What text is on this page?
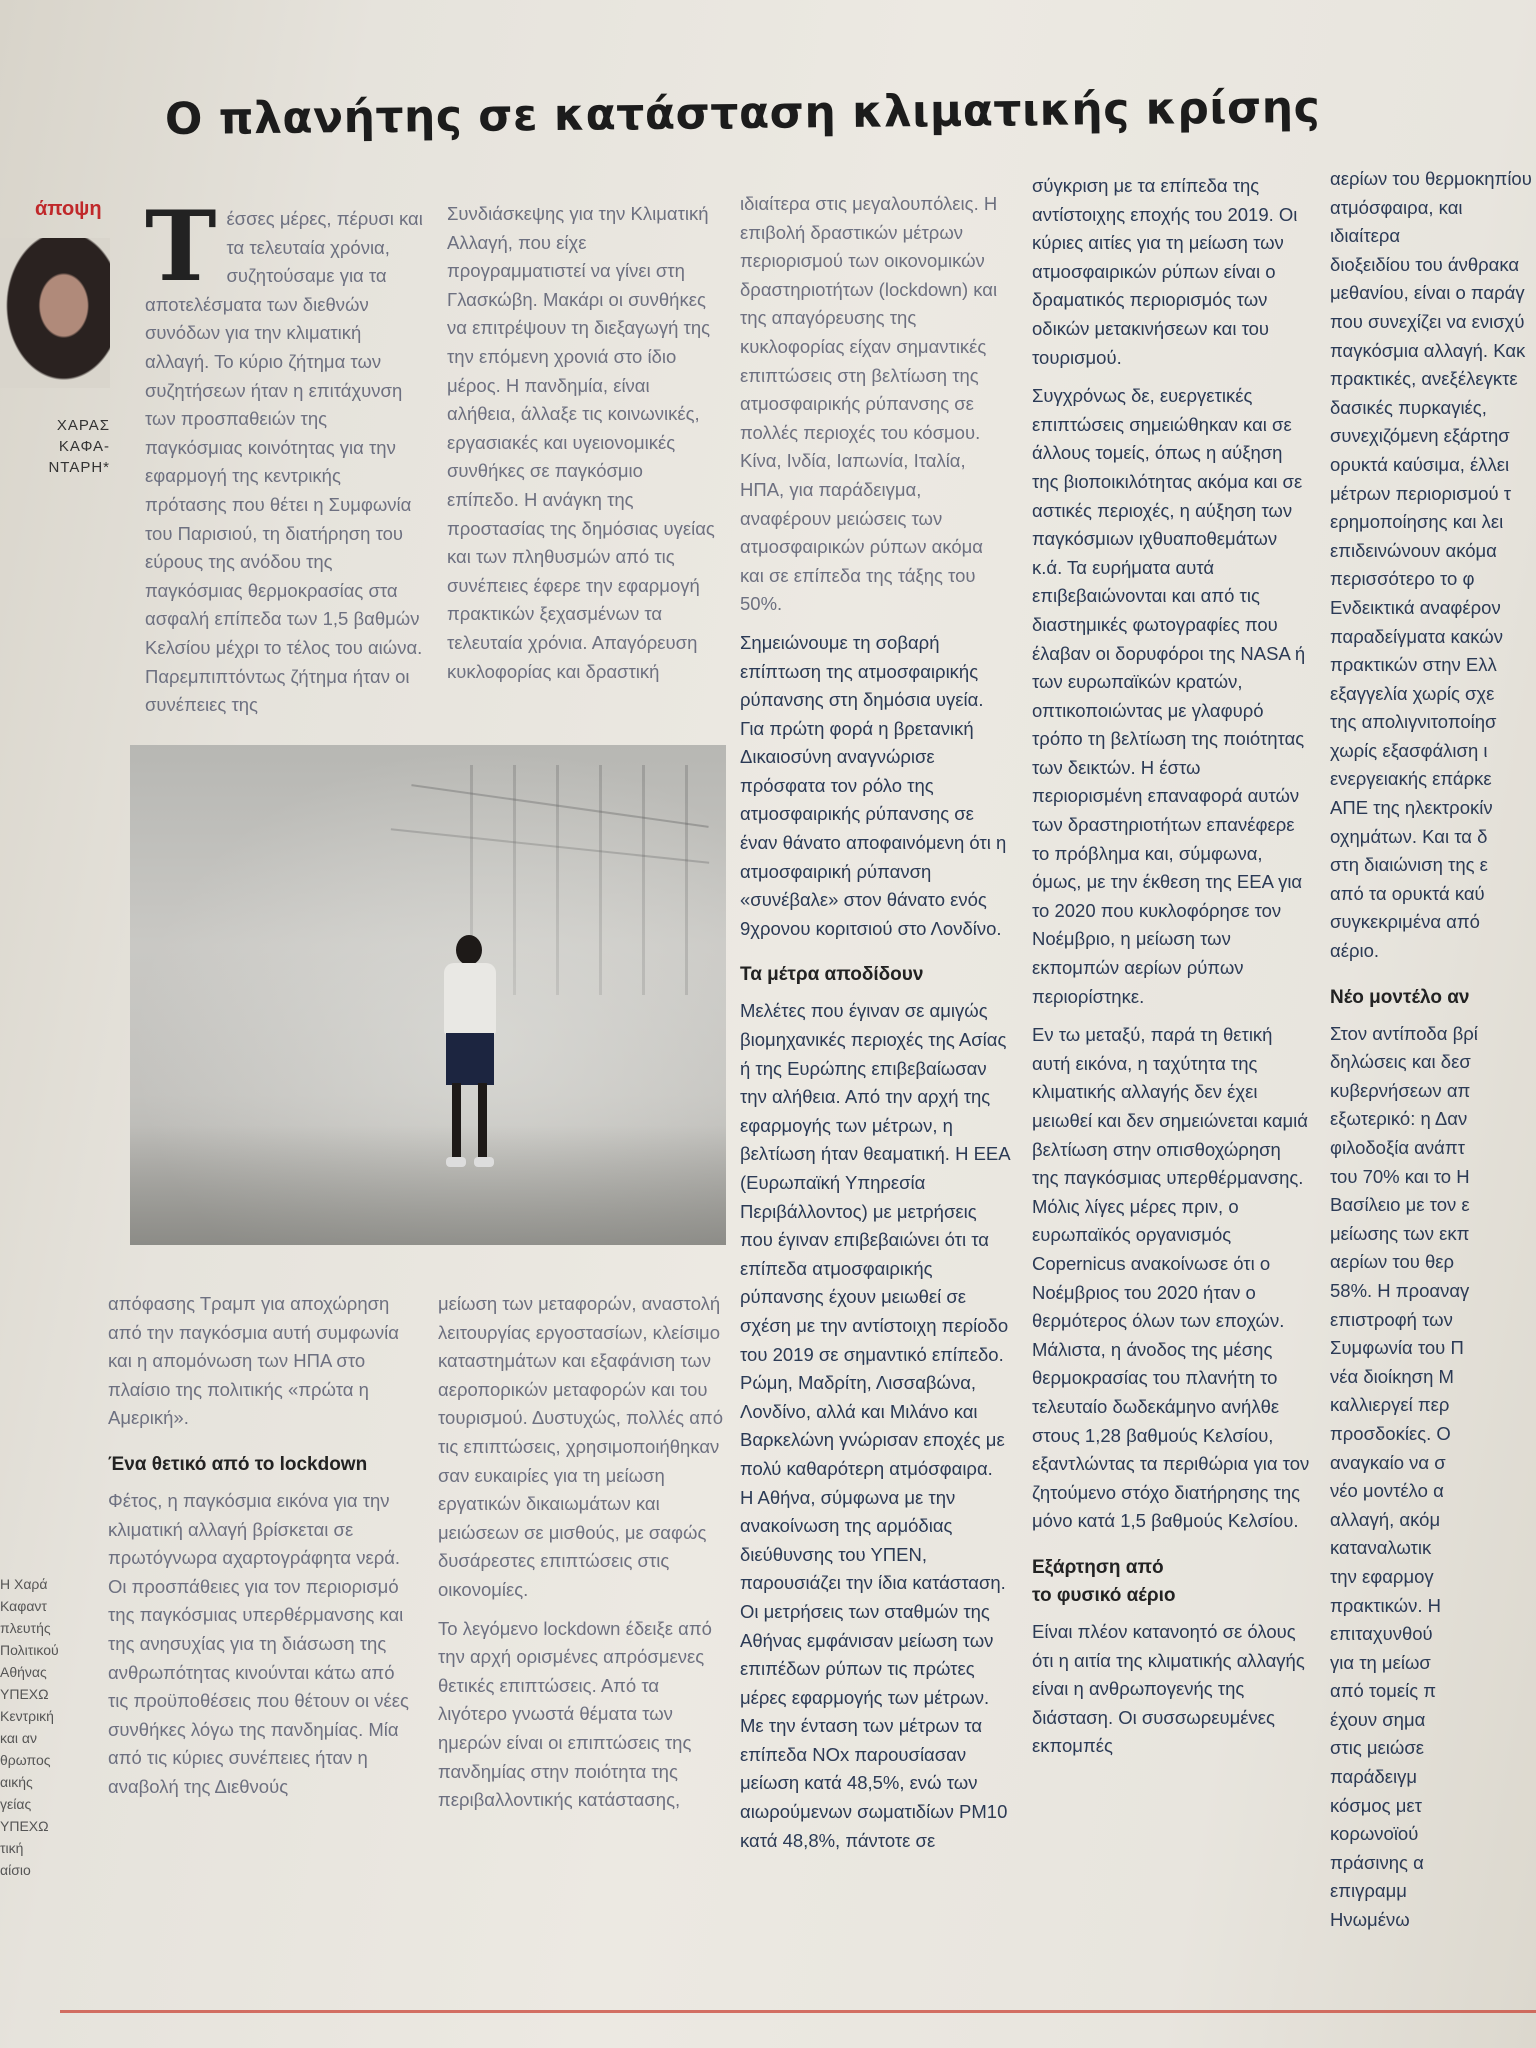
Ο πλανήτης σε κατάσταση κλιματικής κρίσης
άποψη
ΧΑΡΑΣ
ΚΑΦΑ-
ΝΤΑΡΗ*
Τ έσσες μέρες, πέρυσι και τα τελευταία χρόνια, συζητούσαμε για τα αποτελέσματα των διεθνών συνόδων για την κλιματική αλλαγή. Το κύριο ζήτημα των συζητήσεων ήταν η επιτάχυνση των προσπαθειών της παγκόσμιας κοινότητας για την εφαρμογή της κεντρικής πρότασης που θέτει η Συμφωνία του Παρισιού, τη διατήρηση του εύρους της ανόδου της παγκόσμιας θερμοκρασίας στα ασφαλή επίπεδα των 1,5 βαθμών Κελσίου μέχρι το τέλος του αιώνα. Παρεμπιπτόντως ζήτημα ήταν οι συνέπειες της

Συνδιάσκεψης για την Κλιματική Αλλαγή, που είχε προγραμματιστεί να γίνει στη Γλασκώβη. Μακάρι οι συνθήκες να επιτρέψουν τη διεξαγωγή της την επόμενη χρονιά στο ίδιο μέρος. Η πανδημία, είναι αλήθεια, άλλαξε τις κοινωνικές, εργασιακές και υγειονομικές συνθήκες σε παγκόσμιο επίπεδο. Η ανάγκη της προστασίας της δημόσιας υγείας και των πληθυσμών από τις συνέπειες έφερε την εφαρμογή πρακτικών ξεχασμένων τα τελευταία χρόνια. Απαγόρευση κυκλοφορίας και δραστική

απόφασης Τραμπ για αποχώρηση από την παγκόσμια αυτή συμφωνία και η απομόνωση των ΗΠΑ στο πλαίσιο της πολιτικής «πρώτα η Αμερική».

Ένα θετικό από το lockdown

Φέτος, η παγκόσμια εικόνα για την κλιματική αλλαγή βρίσκεται σε πρωτόγνωρα αχαρτογράφητα νερά. Οι προσπάθειες για τον περιορισμό της παγκόσμιας υπερθέρμανσης και της ανησυχίας για τη διάσωση της ανθρωπότητας κινούνται κάτω από τις προϋποθέσεις που θέτουν οι νέες συνθήκες λόγω της πανδημίας. Μία από τις κύριες συνέπειες ήταν η αναβολή της Διεθνούς

μείωση των μεταφορών, αναστολή λειτουργίας εργοστασίων, κλείσιμο καταστημάτων και εξαφάνιση των αεροπορικών μεταφορών και του τουρισμού. Δυστυχώς, πολλές από τις επιπτώσεις, χρησιμοποιήθηκαν σαν ευκαιρίες για τη μείωση εργατικών δικαιωμάτων και μειώσεων σε μισθούς, με σαφώς δυσάρεστες επιπτώσεις στις οικονομίες.

Το λεγόμενο lockdown έδειξε από την αρχή ορισμένες απρόσμενες θετικές επιπτώσεις. Από τα λιγότερο γνωστά θέματα των ημερών είναι οι επιπτώσεις της πανδημίας στην ποιότητα της περιβαλλοντικής κατάστασης,

ιδιαίτερα στις μεγαλουπόλεις. Η επιβολή δραστικών μέτρων περιορισμού των οικονομικών δραστηριοτήτων (lockdown) και της απαγόρευσης της κυκλοφορίας είχαν σημαντικές επιπτώσεις στη βελτίωση της ατμοσφαιρικής ρύπανσης σε πολλές περιοχές του κόσμου. Κίνα, Ινδία, Ιαπωνία, Ιταλία, ΗΠΑ, για παράδειγμα, αναφέρουν μειώσεις των ατμοσφαιρικών ρύπων ακόμα και σε επίπεδα της τάξης του 50%.

Σημειώνουμε τη σοβαρή επίπτωση της ατμοσφαιρικής ρύπανσης στη δημόσια υγεία. Για πρώτη φορά η βρετανική Δικαιοσύνη αναγνώρισε πρόσφατα τον ρόλο της ατμοσφαιρικής ρύπανσης σε έναν θάνατο αποφαινόμενη ότι η ατμοσφαιρική ρύπανση «συνέβαλε» στον θάνατο ενός 9χρονου κοριτσιού στο Λονδίνο.

Τα μέτρα αποδίδουν

Μελέτες που έγιναν σε αμιγώς βιομηχανικές περιοχές της Ασίας ή της Ευρώπης επιβεβαίωσαν την αλήθεια. Από την αρχή της εφαρμογής των μέτρων, η βελτίωση ήταν θεαματική. Η ΕΕΑ (Ευρωπαϊκή Υπηρεσία Περιβάλλοντος) με μετρήσεις που έγιναν επιβεβαιώνει ότι τα επίπεδα ατμοσφαιρικής ρύπανσης έχουν μειωθεί σε σχέση με την αντίστοιχη περίοδο του 2019 σε σημαντικό επίπεδο. Ρώμη, Μαδρίτη, Λισσαβώνα, Λονδίνο, αλλά και Μιλάνο και Βαρκελώνη γνώρισαν εποχές με πολύ καθαρότερη ατμόσφαιρα. Η Αθήνα, σύμφωνα με την ανακοίνωση της αρμόδιας διεύθυνσης του ΥΠΕΝ, παρουσιάζει την ίδια κατάσταση. Οι μετρήσεις των σταθμών της Αθήνας εμφάνισαν μείωση των επιπέδων ρύπων τις πρώτες μέρες εφαρμογής των μέτρων. Με την ένταση των μέτρων τα επίπεδα NOx παρουσίασαν μείωση κατά 48,5%, ενώ των αιωρούμενων σωματιδίων PM10 κατά 48,8%, πάντοτε σε

σύγκριση με τα επίπεδα της αντίστοιχης εποχής του 2019. Οι κύριες αιτίες για τη μείωση των ατμοσφαιρικών ρύπων είναι ο δραματικός περιορισμός των οδικών μετακινήσεων και του τουρισμού.

Συγχρόνως δε, ευεργετικές επιπτώσεις σημειώθηκαν και σε άλλους τομείς, όπως η αύξηση της βιοποικιλότητας ακόμα και σε αστικές περιοχές, η αύξηση των παγκόσμιων ιχθυαποθεμάτων κ.ά. Τα ευρήματα αυτά επιβεβαιώνονται και από τις διαστημικές φωτογραφίες που έλαβαν οι δορυφόροι της NASA ή των ευρωπαϊκών κρατών, οπτικοποιώντας με γλαφυρό τρόπο τη βελτίωση της ποιότητας των δεικτών. Η έστω περιορισμένη επαναφορά αυτών των δραστηριοτήτων επανέφερε το πρόβλημα και, σύμφωνα, όμως, με την έκθεση της ΕΕΑ για το 2020 που κυκλοφόρησε τον Νοέμβριο, η μείωση των εκπομπών αερίων ρύπων περιορίστηκε.

Εν τω μεταξύ, παρά τη θετική αυτή εικόνα, η ταχύτητα της κλιματικής αλλαγής δεν έχει μειωθεί και δεν σημειώνεται καμιά βελτίωση στην οπισθοχώρηση της παγκόσμιας υπερθέρμανσης. Μόλις λίγες μέρες πριν, ο ευρωπαϊκός οργανισμός Copernicus ανακοίνωσε ότι ο Νοέμβριος του 2020 ήταν ο θερμότερος όλων των εποχών. Μάλιστα, η άνοδος της μέσης θερμοκρασίας του πλανήτη το τελευταίο δωδεκάμηνο ανήλθε στους 1,28 βαθμούς Κελσίου, εξαντλώντας τα περιθώρια για τον ζητούμενο στόχο διατήρησης της μόνο κατά 1,5 βαθμούς Κελσίου.

Εξάρτηση από
το φυσικό αέριο

Είναι πλέον κατανοητό σε όλους ότι η αιτία της κλιματικής αλλαγής είναι η ανθρωπογενής της διάσταση. Οι συσσωρευμένες εκπομπές

αερίων του θερμοκηπίου
ατμόσφαιρα, και ιδιαίτερα
διοξειδίου του άνθρακα
μεθανίου, είναι ο παράγ
που συνεχίζει να ενισχύ
παγκόσμια αλλαγή. Κακ
πρακτικές, ανεξέλεγκτε
δασικές πυρκαγιές,
συνεχιζόμενη εξάρτησ
ορυκτά καύσιμα, έλλει
μέτρων περιορισμού τ
ερημοποίησης και λει
επιδεινώνουν ακόμα
περισσότερο το φ
Ενδεικτικά αναφέρον
παραδείγματα κακών
πρακτικών στην Ελλ
εξαγγελία χωρίς σχε
της απολιγνιτοποίησ
χωρίς εξασφάλιση ι
ενεργειακής επάρκε
ΑΠΕ της ηλεκτροκίν
οχημάτων. Και τα δ
στη διαιώνιση της ε
από τα ορυκτά καύ
συγκεκριμένα από
αέριο.

Νέο μοντέλο αν

Στον αντίποδα βρί
δηλώσεις και δεσ
κυβερνήσεων απ
εξωτερικό: η Δαν
φιλοδοξία ανάπτ
του 70% και το Η
Βασίλειο με τον ε
μείωσης των εκπ
αερίων του θερ
58%. Η προαναγ
επιστροφή των
Συμφωνία του Π
νέα διοίκηση Μ
καλλιεργεί περ
προσδοκίες. Ο
αναγκαίο να σ
νέο μοντέλο α
αλλαγή, ακόμ
καταναλωτικ
την εφαρμογ
πρακτικών. Η
επιταχυνθού
για τη μείωσ
από τομείς π
έχουν σημα
στις μειώσε
παράδειγμ
κόσμος μετ
κορωνοϊού
πράσινης α
επιγραμμ
Ηνωμένω

Η Χαρά
Καφαντ
πλευτής
Πολιτικού
Αθήνας
ΥΠΕΧΩ
Κεντρική
και αν
θρωπος
αικής
γείας
ΥΠΕΧΩ
τική
αίσιο
